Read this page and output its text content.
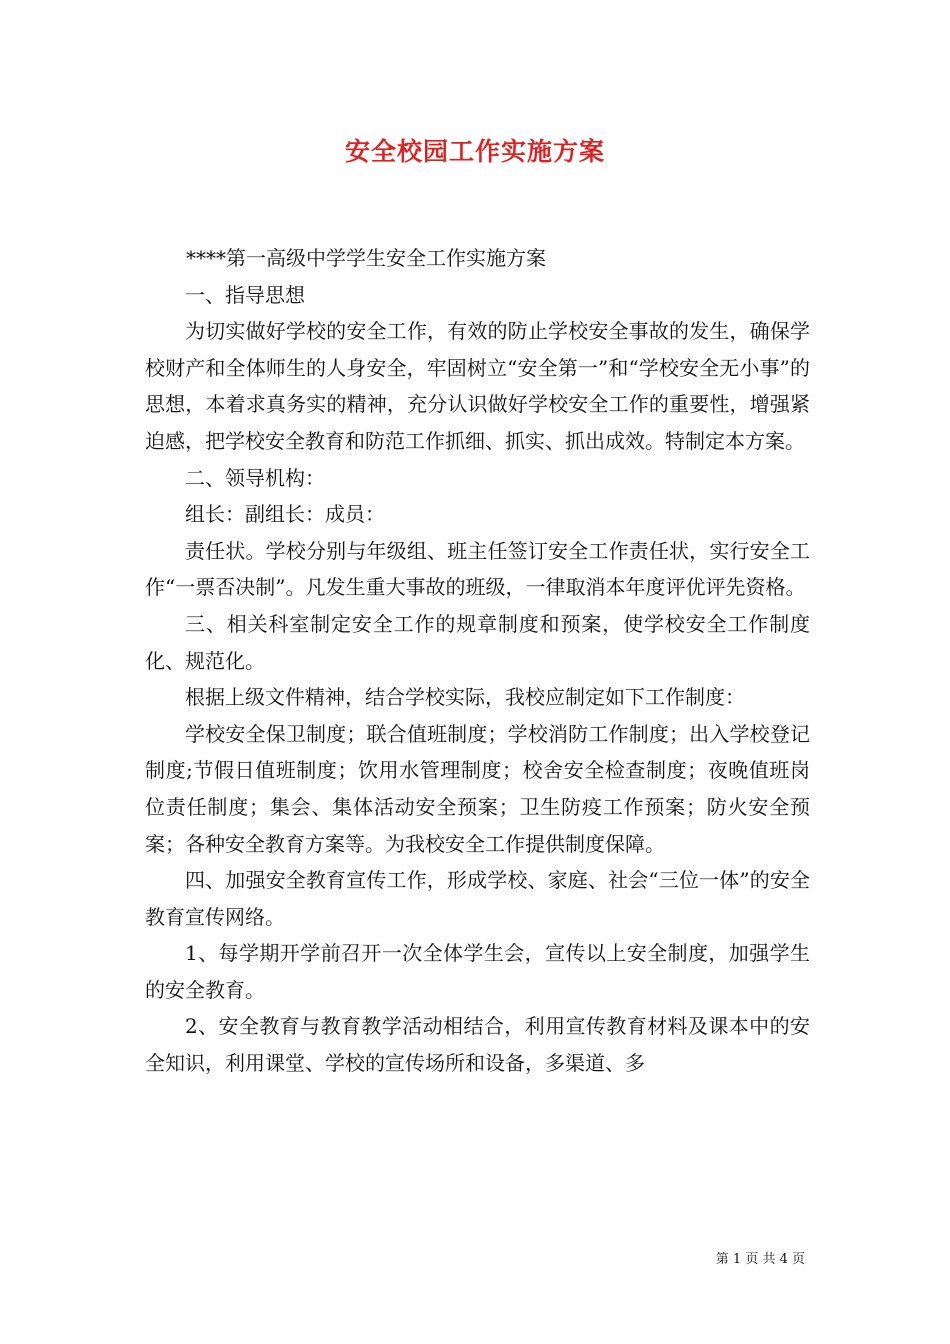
安全校园工作实施方案

****第一高级中学学生安全工作实施方案

一、指导思想

为切实做好学校的安全工作，有效的防止学校安全事故的发生，确保学校财产和全体师生的人身安全，牢固树立“安全第一”和“学校安全无小事”的思想，本着求真务实的精神，充分认识做好学校安全工作的重要性，增强紧迫感，把学校安全教育和防范工作抓细、抓实、抓出成效。特制定本方案。

二、领导机构：

组长：副组长：成员：

责任状。学校分别与年级组、班主任签订安全工作责任状，实行安全工作“一票否决制”。凡发生重大事故的班级，一律取消本年度评优评先资格。

三、相关科室制定安全工作的规章制度和预案，使学校安全工作制度化、规范化。

根据上级文件精神，结合学校实际，我校应制定如下工作制度：

学校安全保卫制度；联合值班制度；学校消防工作制度；出入学校登记制度;节假日值班制度；饮用水管理制度；校舍安全检查制度；夜晚值班岗位责任制度；集会、集体活动安全预案；卫生防疫工作预案；防火安全预案；各种安全教育方案等。为我校安全工作提供制度保障。

四、加强安全教育宣传工作，形成学校、家庭、社会“三位一体”的安全教育宣传网络。

1、每学期开学前召开一次全体学生会，宣传以上安全制度，加强学生的安全教育。

2、安全教育与教育教学活动相结合，利用宣传教育材料及课本中的安全知识，利用课堂、学校的宣传场所和设备，多渠道、多

第 1 页 共 4 页
